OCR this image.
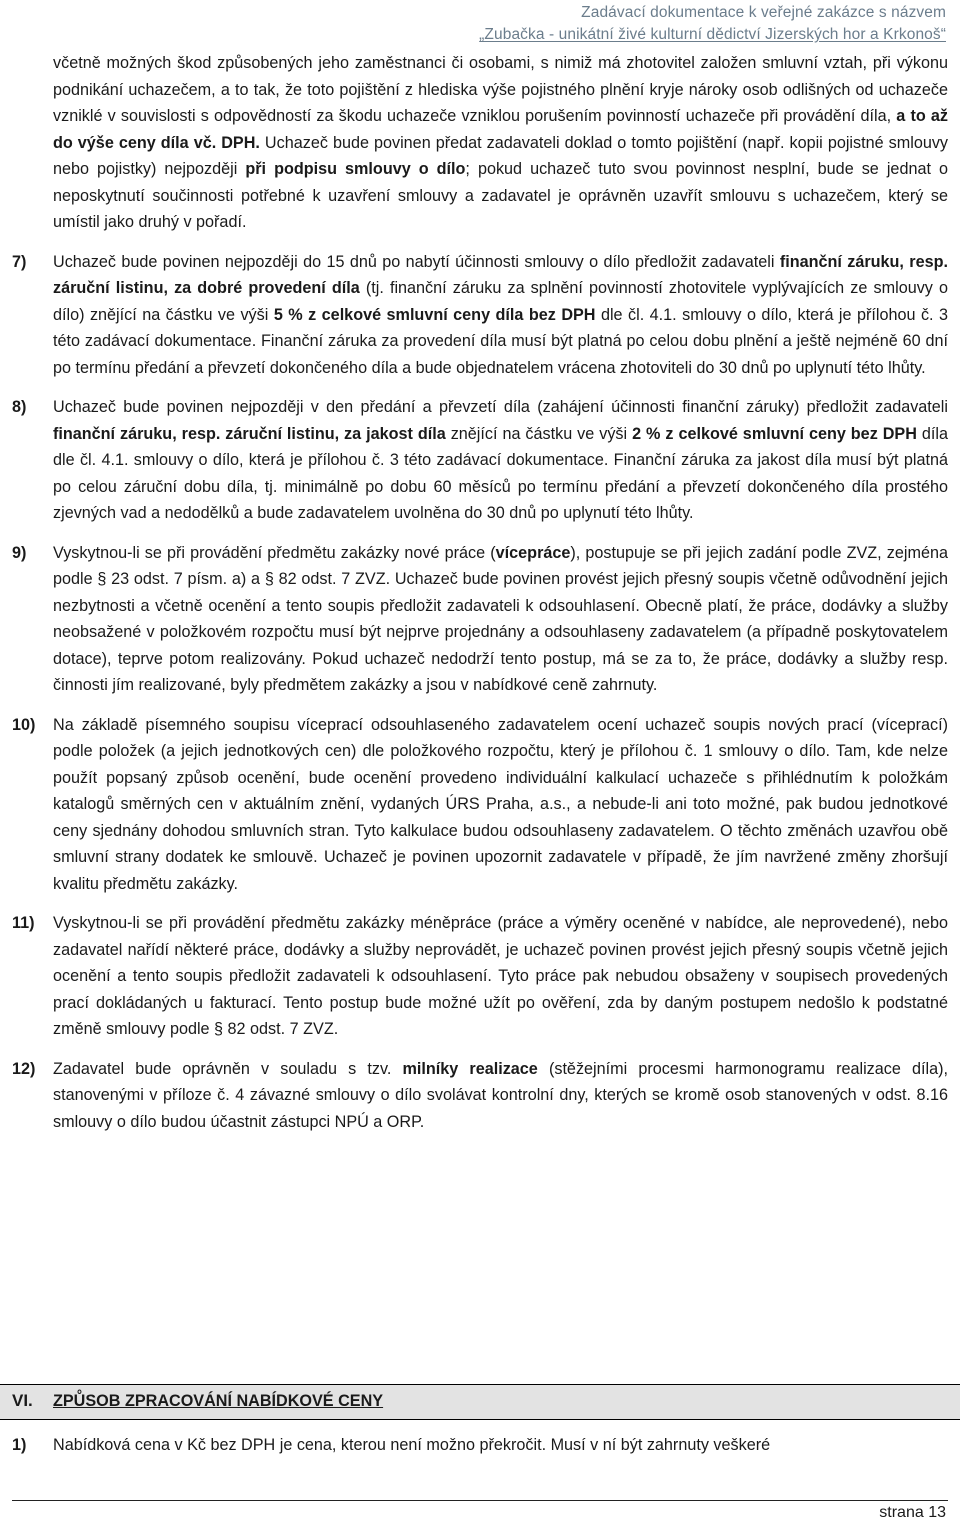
Zadávací dokumentace k veřejné zakázce s názvem
„Zubačka - unikátní živé kulturní dědictví Jizerských hor a Krkonoš“

včetně možných škod způsobených jeho zaměstnanci či osobami, s nimiž má zhotovitel založen smluvní vztah, při výkonu podnikání uchazečem, a to tak, že toto pojištění z hlediska výše pojistného plnění kryje nároky osob odlišných od uchazeče vzniklé v souvislosti s odpovědností za škodu uchazeče vzniklou porušením povinností uchazeče při provádění díla, a to až do výše ceny díla vč. DPH. Uchazeč bude povinen předat zadavateli doklad o tomto pojištění (např. kopii pojistné smlouvy nebo pojistky) nejpozději při podpisu smlouvy o dílo; pokud uchazeč tuto svou povinnost nesplní, bude se jednat o neposkytnutí součinnosti potřebné k uzavření smlouvy a zadavatel je oprávněn uzavřít smlouvu s uchazečem, který se umístil jako druhý v pořadí.

7) Uchazeč bude povinen nejpozději do 15 dnů po nabytí účinnosti smlouvy o dílo předložit zadavateli finanční záruku, resp. záruční listinu, za dobré provedení díla (tj. finanční záruku za splnění povinností zhotovitele vyplývajících ze smlouvy o dílo) znějící na částku ve výši 5 % z celkové smluvní ceny díla bez DPH dle čl. 4.1. smlouvy o dílo, která je přílohou č. 3 této zadávací dokumentace. Finanční záruka za provedení díla musí být platná po celou dobu plnění a ještě nejméně 60 dní po termínu předání a převzetí dokončeného díla a bude objednatelem vrácena zhotoviteli do 30 dnů po uplynutí této lhůty.

8) Uchazeč bude povinen nejpozději v den předání a převzetí díla (zahájení účinnosti finanční záruky) předložit zadavateli finanční záruku, resp. záruční listinu, za jakost díla znějící na částku ve výši 2 % z celkové smluvní ceny bez DPH díla dle čl. 4.1. smlouvy o dílo, která je přílohou č. 3 této zadávací dokumentace. Finanční záruka za jakost díla musí být platná po celou záruční dobu díla, tj. minimálně po dobu 60 měsíců po termínu předání a převzetí dokončeného díla prostého zjevných vad a nedodělků a bude zadavatelem uvolněna do 30 dnů po uplynutí této lhůty.

9) Vyskytnou-li se při provádění předmětu zakázky nové práce (vícepráce), postupuje se při jejich zadání podle ZVZ, zejména podle § 23 odst. 7 písm. a) a § 82 odst. 7 ZVZ. Uchazeč bude povinen provést jejich přesný soupis včetně odůvodnění jejich nezbytnosti a včetně ocenění a tento soupis předložit zadavateli k odsouhlasení. Obecně platí, že práce, dodávky a služby neobsažené v položkovém rozpočtu musí být nejprve projednány a odsouhlaseny zadavatelem (a případně poskytovatelem dotace), teprve potom realizovány. Pokud uchazeč nedodrží tento postup, má se za to, že práce, dodávky a služby resp. činnosti jím realizované, byly předmětem zakázky a jsou v nabídkové ceně zahrnuty.

10) Na základě písemného soupisu víceprací odsouhlaseného zadavatelem ocení uchazeč soupis nových prací (víceprací) podle položek (a jejich jednotkových cen) dle položkového rozpočtu, který je přílohou č. 1 smlouvy o dílo. Tam, kde nelze použít popsaný způsob ocenění, bude ocenění provedeno individuální kalkulací uchazeče s přihlédnutím k položkám katalogů směrných cen v aktuálním znění, vydaných ÚRS Praha, a.s., a nebude-li ani toto možné, pak budou jednotkové ceny sjednány dohodou smluvních stran. Tyto kalkulace budou odsouhlaseny zadavatelem. O těchto změnách uzavřou obě smluvní strany dodatek ke smlouvě. Uchazeč je povinen upozornit zadavatele v případě, že jím navržené změny zhoršují kvalitu předmětu zakázky.

11) Vyskytnou-li se při provádění předmětu zakázky méněpráce (práce a výměry oceněné v nabídce, ale neprovedené), nebo zadavatel nařídí některé práce, dodávky a služby neprovádět, je uchazeč povinen provést jejich přesný soupis včetně jejich ocenění a tento soupis předložit zadavateli k odsouhlasení. Tyto práce pak nebudou obsaženy v soupisech provedených prací dokládaných u fakturací. Tento postup bude možné užít po ověření, zda by daným postupem nedošlo k podstatné změně smlouvy podle § 82 odst. 7 ZVZ.

12) Zadavatel bude oprávněn v souladu s tzv. milníky realizace (stěžejními procesmi harmonogramu realizace díla), stanovenými v příloze č. 4 závazné smlouvy o dílo svolávat kontrolní dny, kterých se kromě osob stanovených v odst. 8.16 smlouvy o dílo budou účastnit zástupci NPÚ a ORP.

VI. ZPŮSOB ZPRACOVÁNÍ NABÍDKOVÉ CENY
1) Nabídková cena v Kč bez DPH je cena, kterou není možno překročit. Musí v ní být zahrnuty veškeré

strana 13
